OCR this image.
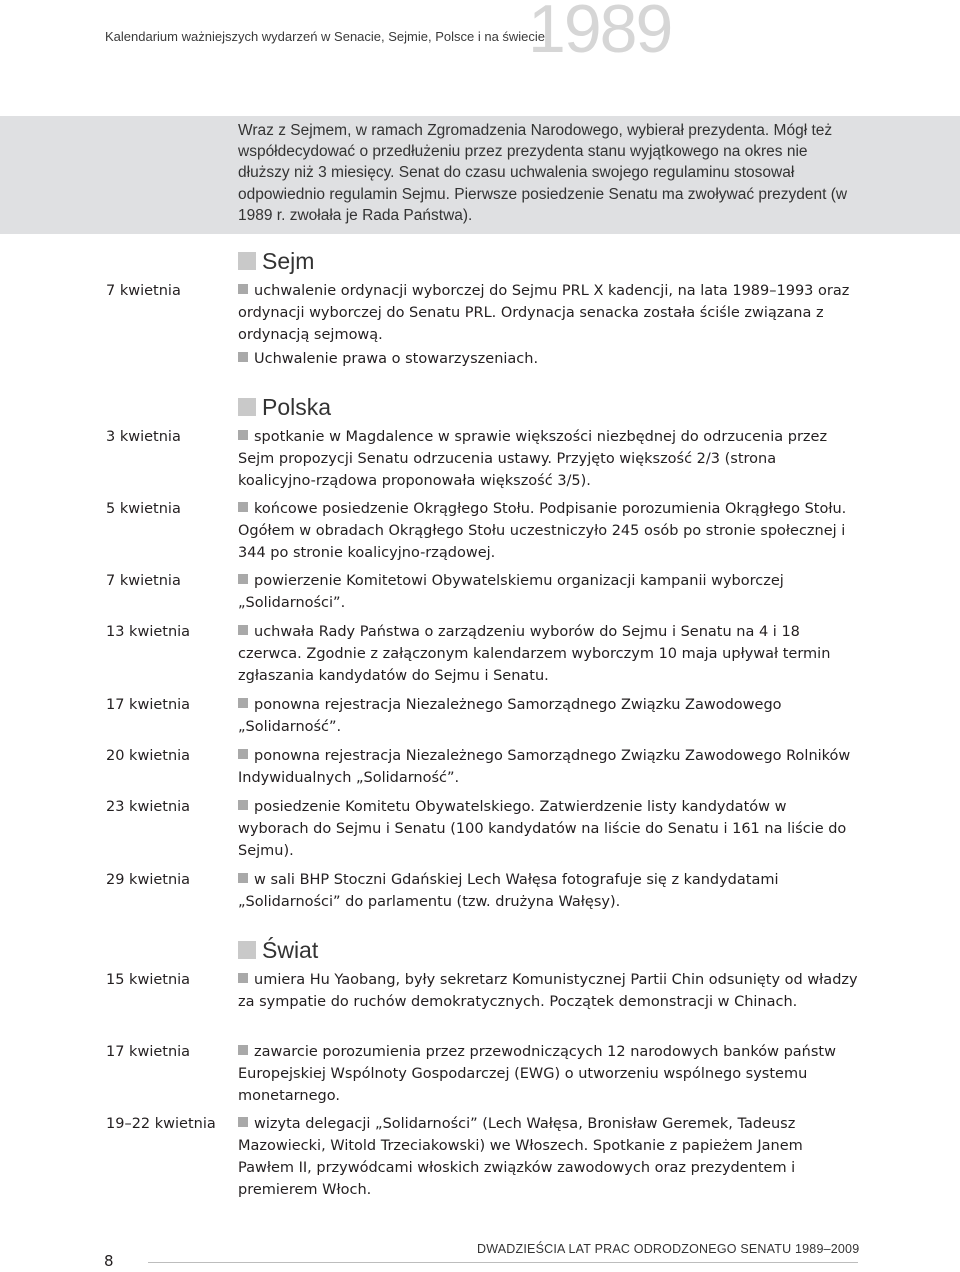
Kalendarium ważniejszych wydarzeń w Senacie, Sejmie, Polsce i na świecie
1989
Wraz z Sejmem, w ramach Zgromadzenia Narodowego, wybierał prezydenta. Mógł też współdecydować o przedłużeniu przez prezydenta stanu wyjątkowego na okres nie dłuższy niż 3 miesięcy. Senat do czasu uchwalenia swojego regulaminu stosował odpowiednio regulamin Sejmu. Pierwsze posiedzenie Senatu ma zwoływać prezydent (w 1989 r. zwołała je Rada Państwa).
Sejm
7 kwietnia	uchwalenie ordynacji wyborczej do Sejmu PRL X kadencji, na lata 1989–1993 oraz ordynacji wyborczej do Senatu PRL. Ordynacja senacka została ściśle związana z ordynacją sejmową.
Uchwalenie prawa o stowarzyszeniach.
Polska
3 kwietnia	spotkanie w Magdalence w sprawie większości niezbędnej do odrzucenia przez Sejm propozycji Senatu odrzucenia ustawy. Przyjęto większość 2/3 (strona koalicyjno-rządowa proponowała większość 3/5).
5 kwietnia	końcowe posiedzenie Okrągłego Stołu. Podpisanie porozumienia Okrągłego Stołu. Ogółem w obradach Okrągłego Stołu uczestniczyło 245 osób po stronie społecznej i 344 po stronie koalicyjno-rządowej.
7 kwietnia	powierzenie Komitetowi Obywatelskiemu organizacji kampanii wyborczej „Solidarności”.
13 kwietnia	uchwała Rady Państwa o zarządzeniu wyborów do Sejmu i Senatu na 4 i 18 czerwca. Zgodnie z załączonym kalendarzem wyborczym 10 maja upływał termin zgłaszania kandydatów do Sejmu i Senatu.
17 kwietnia	ponowna rejestracja Niezależnego Samorządnego Związku Zawodowego „Solidarność”.
20 kwietnia	ponowna rejestracja Niezależnego Samorządnego Związku Zawodowego Rolników Indywidualnych „Solidarność”.
23 kwietnia	posiedzenie Komitetu Obywatelskiego. Zatwierdzenie listy kandydatów w wyborach do Sejmu i Senatu (100 kandydatów na liście do Senatu i 161 na liście do Sejmu).
29 kwietnia	w sali BHP Stoczni Gdańskiej Lech Wałęsa fotografuje się z kandydatami „Solidarności” do parlamentu (tzw. drużyna Wałęsy).
Świat
15 kwietnia	umiera Hu Yaobang, były sekretarz Komunistycznej Partii Chin odsunięty od władzy za sympatie do ruchów demokratycznych. Początek demonstracji w Chinach.
17 kwietnia	zawarcie porozumienia przez przewodniczących 12 narodowych banków państw Europejskiej Wspólnoty Gospodarczej (EWG) o utworzeniu wspólnego systemu monetarnego.
19–22 kwietnia	wizyta delegacji „Solidarności” (Lech Wałęsa, Bronisław Geremek, Tadeusz Mazowiecki, Witold Trzeciakowski) we Włoszech. Spotkanie z papieżem Janem Pawłem II, przywódcami włoskich związków zawodowych oraz prezydentem i premierem Włoch.
DWADZIEŚCIA LAT PRAC ODRODZONEGO SENATU 1989–2009
8
